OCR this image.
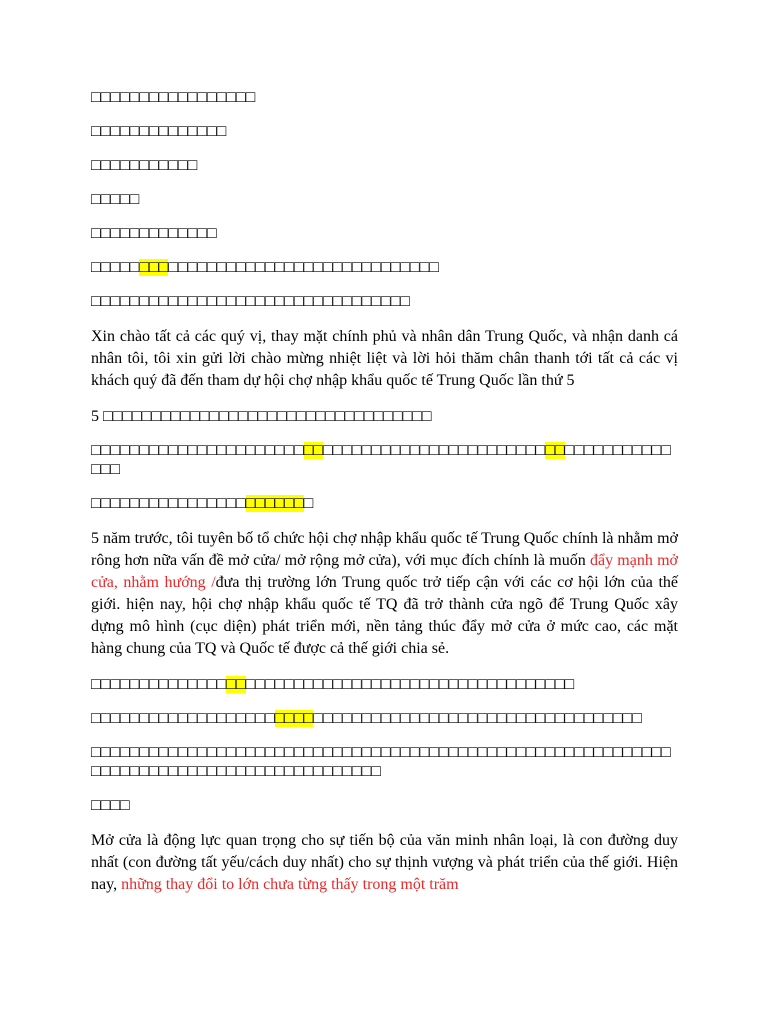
□□□□□□□□□□□□□□□□□

□□□□□□□□□□□□□□

□□□□□□□□□□□

□□□□□

□□□□□□□□□□□□□

□□□□□□□□□□□□□□□□□□□□□□□□□□□□□□□□□□□□

□□□□□□□□□□□□□□□□□□□□□□□□□□□□□□□□□

Xin chào tất cả các quý vị, thay mặt chính phủ và nhân dân Trung Quốc, và nhận danh cá nhân tôi, tôi xin gửi lời chào mừng nhiệt liệt và lời hỏi thăm chân thanh tới tất cả các vị khách quý đã đến tham dự hội chợ nhập khẩu quốc tế Trung Quốc lần thứ 5

5 □□□□□□□□□□□□□□□□□□□□□□□□□□□□□□□□□□

□□□□□□□□□□□□□□□□□□□□□□□□□□□□□□□□□□□□□□□□□□□□□□□□□□□□□□□□□□□□□□□

□□□□□□□□□□□□□□□□□□□□□□□

5 năm trước, tôi tuyên bố tổ chức hội chợ nhập khẩu quốc tế Trung Quốc chính là nhằm mở rông hơn nữa vấn đề mở cửa/ mở rộng mở cửa), với mục đích chính là muốn đẩy mạnh mở cửa, nhằm hướng /đưa thị trường lớn Trung quốc trở tiếp cận với các cơ hội lớn của thế giới. hiện nay, hội chợ nhập khẩu quốc tế TQ đã trở thành cửa ngõ để Trung Quốc xây dựng mô hình (cục diện) phát triển mới, nền tảng thúc đẩy mở cửa ở mức cao, các mặt hàng chung của TQ và Quốc tế được cả thế giới chia sẻ.

□□□□□□□□□□□□□□□□□□□□□□□□□□□□□□□□□□□□□□□□□□□□□□□□□□

□□□□□□□□□□□□□□□□□□□□□□□□□□□□□□□□□□□□□□□□□□□□□□□□□□□□□□□□□

□□□□□□□□□□□□□□□□□□□□□□□□□□□□□□□□□□□□□□□□□□□□□□□□□□□□□□□□□□□□□□□□□□□□□□□□□□□□□□□□□□□□□□□□□□

□□□□

Mở cửa là động lực quan trọng cho sự tiến bộ của văn minh nhân loại, là con đường duy nhất (con đường tất yếu/cách duy nhất) cho sự thịnh vượng và phát triển của thế giới. Hiện nay, những thay đổi to lớn chưa từng thấy trong một trăm
